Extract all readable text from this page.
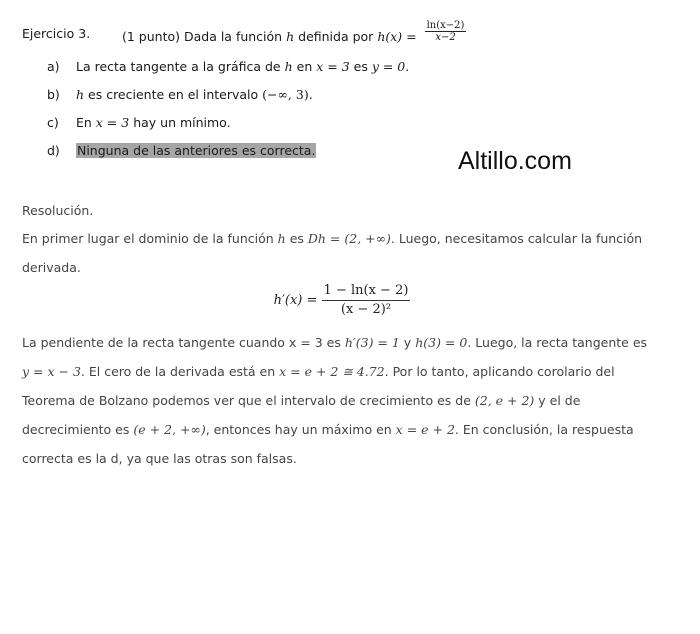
Ejercicio 3.	(1 punto) Dada la función h definida por $h(x) = \frac{\ln(x-2)}{x-2}$
a) La recta tangente a la gráfica de h en x = 3 es y = 0.
b) h es creciente en el intervalo (−∞, 3).
c) En x = 3 hay un mínimo.
d) Ninguna de las anteriores es correcta.	Altillo.com
Resolución.

En primer lugar el dominio de la función h es Dh = (2, +∞). Luego, necesitamos calcular la función

derivada.

$h'(x) = \frac{1 - \ln(x - 2)}{\text{(x − 2)²}}$

La pendiente de la recta tangente cuando x = 3 es h′(3) = 1 y h(3) = 0. Luego, la recta tangente es

y = x − 3. El cero de la derivada está en x = e + 2 ≅ 4.72. Por lo tanto, aplicando corolario del

Teorema de Bolzano podemos ver que el intervalo de crecimiento es de (2, e + 2) y el de

decrecimiento es (e + 2, +∞), entonces hay un máximo en x = e + 2. En conclusión, la respuesta

correcta es la d, ya que las otras son falsas.
